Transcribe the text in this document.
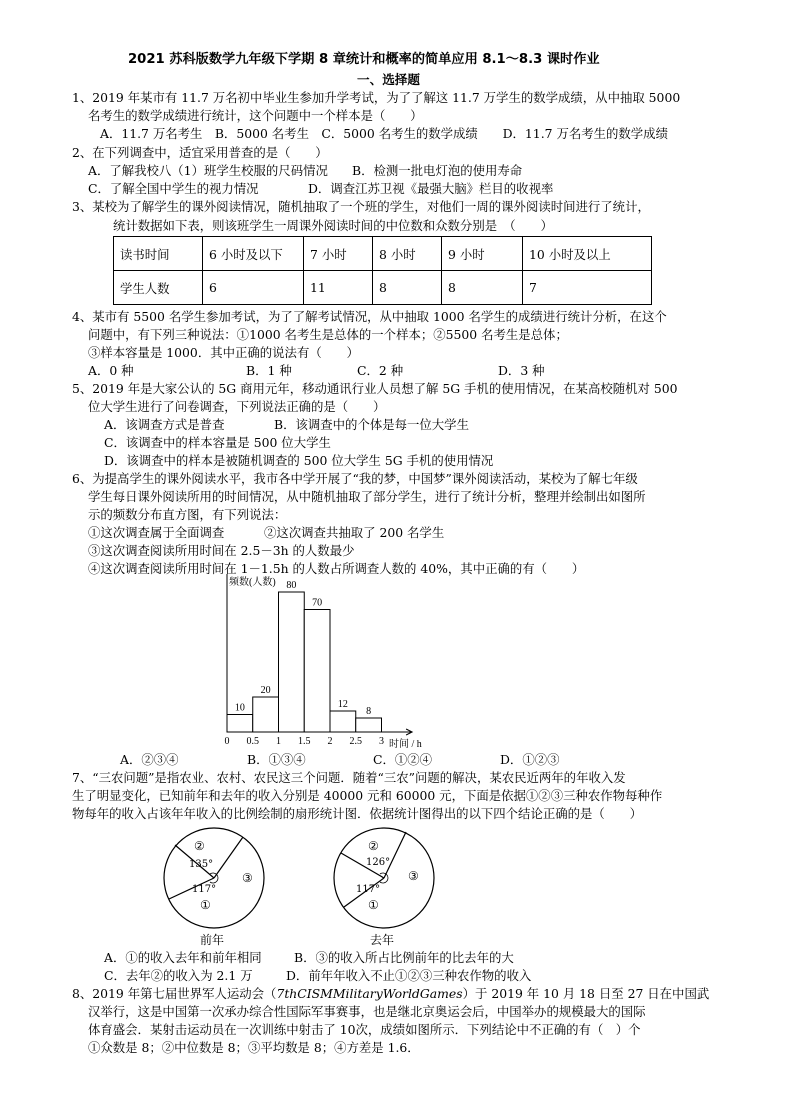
2021 苏科版数学九年级下学期 8 章统计和概率的简单应用 8.1～8.3 课时作业
一、选择题
1、2019 年某市有 11.7 万名初中毕业生参加升学考试，为了了解这 11.7 万学生的数学成绩，从中抽取 5000
名考生的数学成绩进行统计，这个问题中一个样本是（　　）
A．11.7 万名考生　B．5000 名考生　C．5000 名考生的数学成绩　　D．11.7 万名考生的数学成绩
2、在下列调查中，适宜采用普查的是（　　）
A．了解我校八（1）班学生校服的尺码情况 B．检测一批电灯泡的使用寿命
C．了解全国中学生的视力情况	D．调查江苏卫视《最强大脑》栏目的收视率
3、某校为了解学生的课外阅读情况，随机抽取了一个班的学生，对他们一周的课外阅读时间进行了统计，
统计数据如下表，则该班学生一周课外阅读时间的中位数和众数分别是　（　　）
读书时间	6 小时及以下	7 小时	8 小时	9 小时	10 小时及以上
学生人数	6	11	8	8	7
4、某市有 5500 名学生参加考试，为了了解考试情况，从中抽取 1000 名学生的成绩进行统计分析，在这个
问题中，有下列三种说法：①1000 名考生是总体的一个样本；②5500 名考生是总体；
③样本容量是 1000．其中正确的说法有（　　）
A．0 种	B．1 种	C．2 种	D．3 种
5、2019 年是大家公认的 5G 商用元年，移动通讯行业人员想了解 5G 手机的使用情况，在某高校随机对 500
位大学生进行了问卷调查，下列说法正确的是（　　）
A．该调查方式是普查	B．该调查中的个体是每一位大学生
C．该调查中的样本容量是 500 位大学生
D．该调查中的样本是被随机调查的 500 位大学生 5G 手机的使用情况
6、为提高学生的课外阅读水平，我市各中学开展了“我的梦，中国梦”课外阅读活动，某校为了解七年级
学生每日课外阅读所用的时间情况，从中随机抽取了部分学生，进行了统计分析，整理并绘制出如图所
示的频数分布直方图，有下列说法：
①这次调查属于全面调查	②这次调查共抽取了 200 名学生
③这次调查阅读所用时间在 2.5－3h 的人数最少
④这次调查阅读所用时间在 1－1.5h 的人数占所调查人数的 40%，其中正确的有（　　）
10
20
80
70
12
8
0 0.5 1 1.5 2 2.5 3
频数(人数)
时间 / h
A．②③④	B．①③④	C．①②④	D．①②③
7、“三农问题”是指农业、农村、农民这三个问题．随着“三农”问题的解决，某农民近两年的年收入发
生了明显变化，已知前年和去年的收入分别是 40000 元和 60000 元，下面是依据①②③三种农作物每种作
物每年的收入占该年年收入的比例绘制的扇形统计图．依据统计图得出的以下四个结论正确的是（　　）
②
135°
117°
①
③
前年
②
126°
117°
①
③
去年
A．①的收入去年和前年相同	B．③的收入所占比例前年的比去年的大
C．去年②的收入为 2.1 万	D．前年年收入不止①②③三种农作物的收入
8、2019 年第七届世界军人运动会（7thCISMMilitaryWorldGames）于 2019 年 10 月 18 日至 27 日在中国武
汉举行，这是中国第一次承办综合性国际军事赛事，也是继北京奥运会后，中国举办的规模最大的国际
体育盛会．某射击运动员在一次训练中射击了 10次，成绩如图所示．下列结论中不正确的有（　）个
①众数是 8；②中位数是 8；③平均数是 8；④方差是 1.6．
